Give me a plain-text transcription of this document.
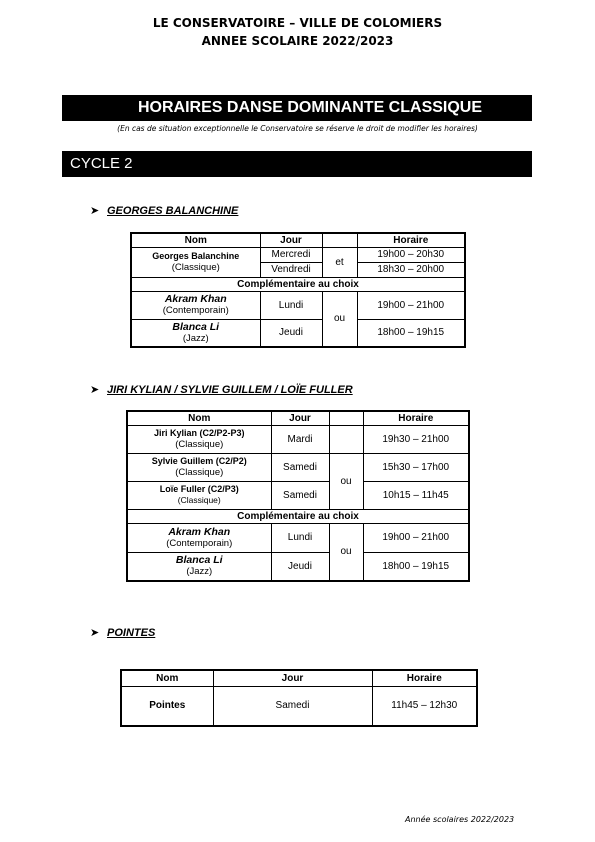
LE CONSERVATOIRE – VILLE DE COLOMIERS
ANNEE SCOLAIRE 2022/2023
HORAIRES DANSE DOMINANTE CLASSIQUE
(En cas de situation exceptionnelle le Conservatoire se réserve le droit de modifier les horaires)
CYCLE 2
➤ GEORGES BALANCHINE
Nom	Jour		Horaire

Georges Balanchine
(Classique)	Mercredi	et	19h00 – 20h30
	Vendredi		18h30 – 20h00
Complémentaire au choix			

Akram Khan
(Contemporain)	Lundi	ou	19h00 – 21h00

Blanca Li
(Jazz)	Jeudi		18h00 – 19h15
➤ JIRI KYLIAN / SYLVIE GUILLEM / LOÏE FULLER
Nom	Jour		Horaire

Jiri Kylian (C2/P2-P3)
(Classique)	Mardi		19h30 – 21h00

Sylvie Guillem (C2/P2)
(Classique)	Samedi	ou	15h30 – 17h00

Loïe Fuller (C2/P3)
(Classique)	Samedi		10h15 – 11h45
Complémentaire au choix			

Akram Khan
(Contemporain)	Lundi	ou	19h00 – 21h00

Blanca Li
(Jazz)	Jeudi		18h00 – 19h15
➤ POINTES
Nom	Jour	Horaire
Pointes	Samedi	11h45 – 12h30
Année scolaires 2022/2023
